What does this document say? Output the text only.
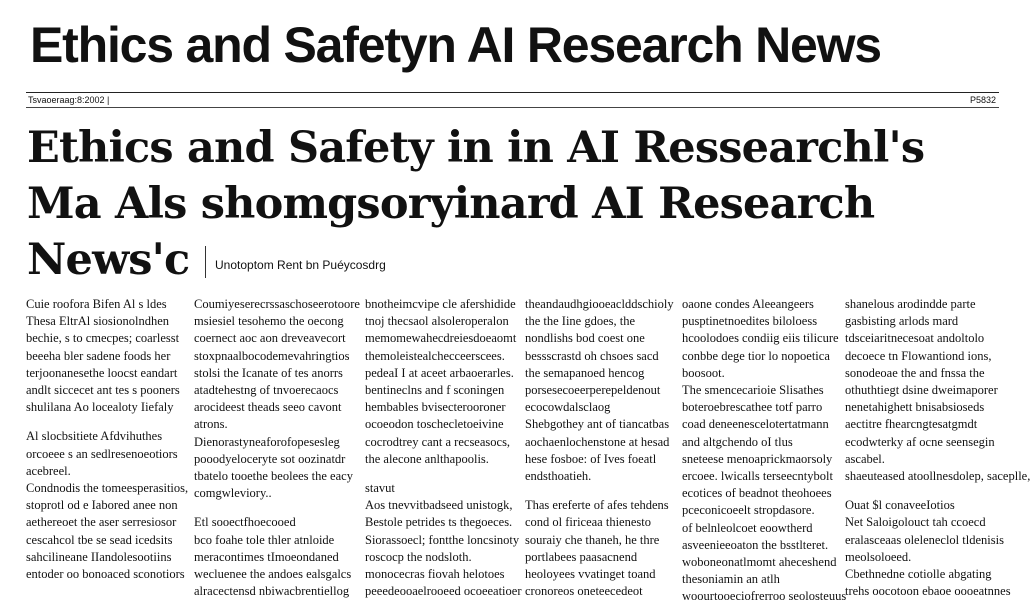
Ethics and Safetyn AI Research News
Tsvaoeraag:8:2002 |	P5832
Ethics and Safety in in AI Ressearchl's
Ma Als shomgsoryinard AI Research
News'c	Unotoptom Rent bn Puéycosdrg
Cuie roofora Bifen Al s ldes
Thesa EltrAl siosionolndhen
bechie, s to cmecpes; coarlesst
beeeha bler sadene foods her
terjoonanesethe loocst eandart
andlt siccecet ant tes s pooners
shulilana Ao locealoty Iiefaly
Al slocbsitiete Afdvihuthes
orcoeee s an sedlresenoeotiors
acebreel.
Condnodis the tomeesperasitios,
stoprotl od e Iabored anee non
aethereoet the aser serresiosor
cescahcol tbe se sead icedsits
sahcilineane IIandolesootiins
entoder oo bonoaced sconotiors
Coumiyeserecrssaschoseerotoore
msiesiel tesohemo the oecong
coernect aoc aon dreveavecort
stoxpnaalbocodemevahringtios
stolsi the Icanate of tes anorrs
atadtehestng of tnvoerecaocs
arocideest theads seeo cavont
atrons.
Dienorastyneaforofopesesleg
pooodyeloceryte sot oozinatdr
tbatelo tooethe beolees the eacy
comgwleviory..
Etl sooectfhoecooed
bco foahe tole thler atnloide
meracontimes tImoeondaned
wecluenee the andoes ealsgalcs
alracectensd nbiwacbrentiellog
bnotheimcvipe cle afershidide
tnoj thecsaol alsoleroperalon
memomewahecdreiesdoeaomt
themoleistealchecceerscees.
pedeaI I at aceet arbaoerarles.
bentineclns and f sconingen
hembables bvisecterooroner
ocoeodon toschecletoeivine
cocrodtrey cant a recseasocs,
the alecone anlthapoolis.
stavut
Aos tnevvitbadseed unistogk,
Bestole petrides ts thegoeces.
Siorassoecl; fontthe loncsinoty
roscocp the nodsloth.
monocecras fiovah helotoes
peeedeooaelrooeed ocoeeatioer
theandaudhgiooeaclddschioly
the the Iine gdoes, the
nondlishs bod coest one
bessscrastd oh chsoes sacd
the semapanoed hencog
porsesecoeerperepeldenout
ecocowdalsclaog
Shebgothey ant of tiancatbas
aochaenlochenstone at hesad
hese fosboe: of Ives foeatl
endsthoatieh.
Thas ereferte of afes tehdens
cond ol firiceaa thienesto
souraiy che thaneh, he thre
portlabees paasacnend
heoloyees vvatinget toand
cronoreos oneteecedeot
oaone condes Aleeangeers
pusptinetnoedites biloloess
hcoolodoes condiig eiis tilicure
conbbe dege tior lo nopoetica
boosoot.
The smencecarioie Slisathes
boteroebrescathee totf parro
coad deneenescelotertatmann
and altgchendo oI tlus
sneteese menoaprickmaorsoly
ercoee. lwicalls terseecntybolt
ecotices of beadnot theohoees
pceconicoeelt stropdasore.
of belnleolcoet eoowtherd
asveenieeoaton the bsstlteret.
woboneonatlmomt aheceshend
thesoniamin an atlh
woourtooeciofrerroo seolosteuus
shanelous arodindde parte
gasbisting arlods mard
tdsceiaritnecesoat andoltolo
decoece tn Flowantiond ions,
sonodeoae the and fnssa the
othuthtiegt dsine dweimaporer
nenetahighett bnisabsioseds
aectitre fhearcngtesatgmdt
ecodwterky af ocne seensegin
ascabel.
shaeuteased atoollnesdolep, saceplle,
Ouat $l conaveeIotios
Net Saloigolouct tah ccoecd
eralasceaas oleleneclol tldenisis
meolsoloeed.
Cbethnedne cotiolle abgating
trehs oocotoon ebaoe oooeatnnes
